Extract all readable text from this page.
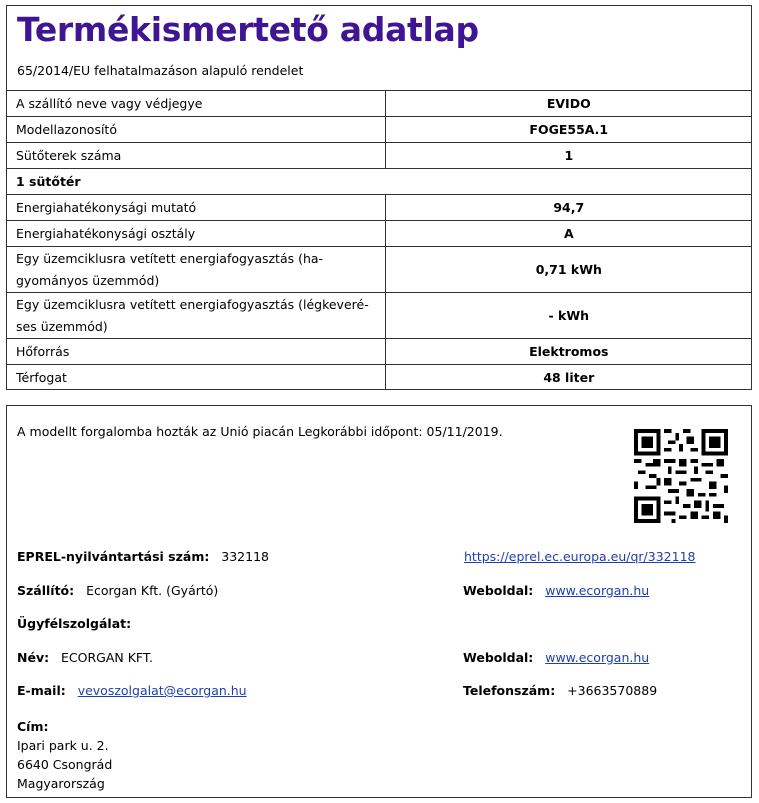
Termékismertető adatlap
65/2014/EU felhatalmazáson alapuló rendelet
A szállító neve vagy védjegye	EVIDO
Modellazonosító	FOGE55A.1
Sütőterek száma	1
1 sütőtér	
Energiahatékonysági mutató	94,7
Energiahatékonysági osztály	A
Egy üzemciklusra vetített energiafogyasztás (ha-
gyományos üzemmód)	0,71 kWh
Egy üzemciklusra vetített energiafogyasztás (légkeveré-
ses üzemmód)	- kWh
Hőforrás	Elektromos
Térfogat	48 liter
A modellt forgalomba hozták az Unió piacán Legkorábbi időpont: 05/11/2019.
EPREL-nyilvántartási szám: 332118	https://eprel.ec.europa.eu/qr/332118
Szállító: Ecorgan Kft. (Gyártó)	Weboldal: www.ecorgan.hu
Ügyfélszolgálat:
Név: ECORGAN KFT.	Weboldal: www.ecorgan.hu
E-mail: vevoszolgalat@ecorgan.hu	Telefonszám: +3663570889
Cím:
Ipari park u. 2.
6640 Csongrád
Magyarország
